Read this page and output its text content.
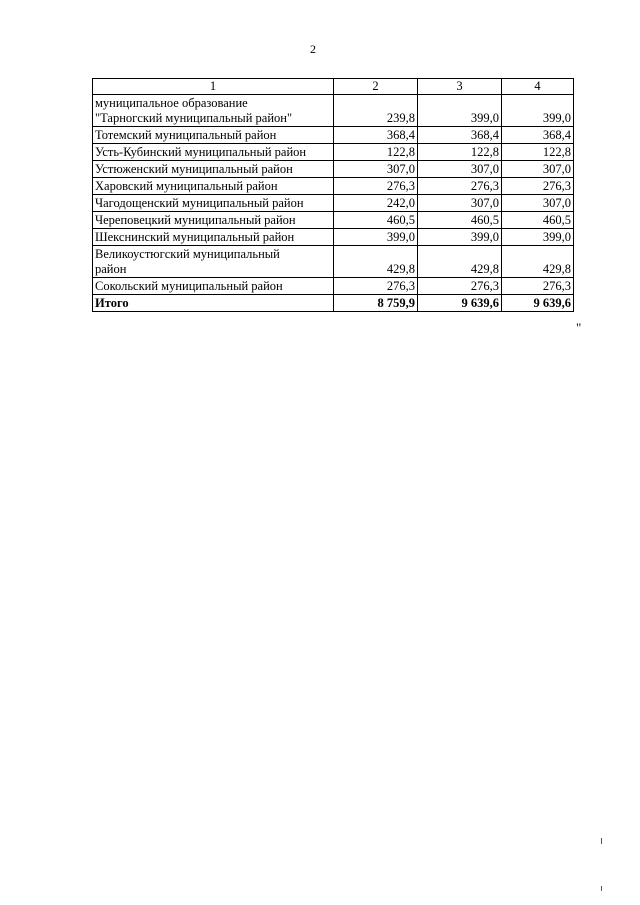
2
1	2	3	4

муниципальное образование
"Тарногский муниципальный район"	239,8	399,0	399,0
Тотемский муниципальный район	368,4	368,4	368,4
Усть-Кубинский муниципальный район	122,8	122,8	122,8
Устюженский муниципальный район	307,0	307,0	307,0
Харовский муниципальный район	276,3	276,3	276,3
Чагодощенский муниципальный район	242,0	307,0	307,0
Череповецкий муниципальный район	460,5	460,5	460,5
Шекснинский муниципальный район	399,0	399,0	399,0

Великоустюгский муниципальный
район	429,8	429,8	429,8
Сокольский муниципальный район	276,3	276,3	276,3
Итого	8 759,9	9 639,6	9 639,6
"
